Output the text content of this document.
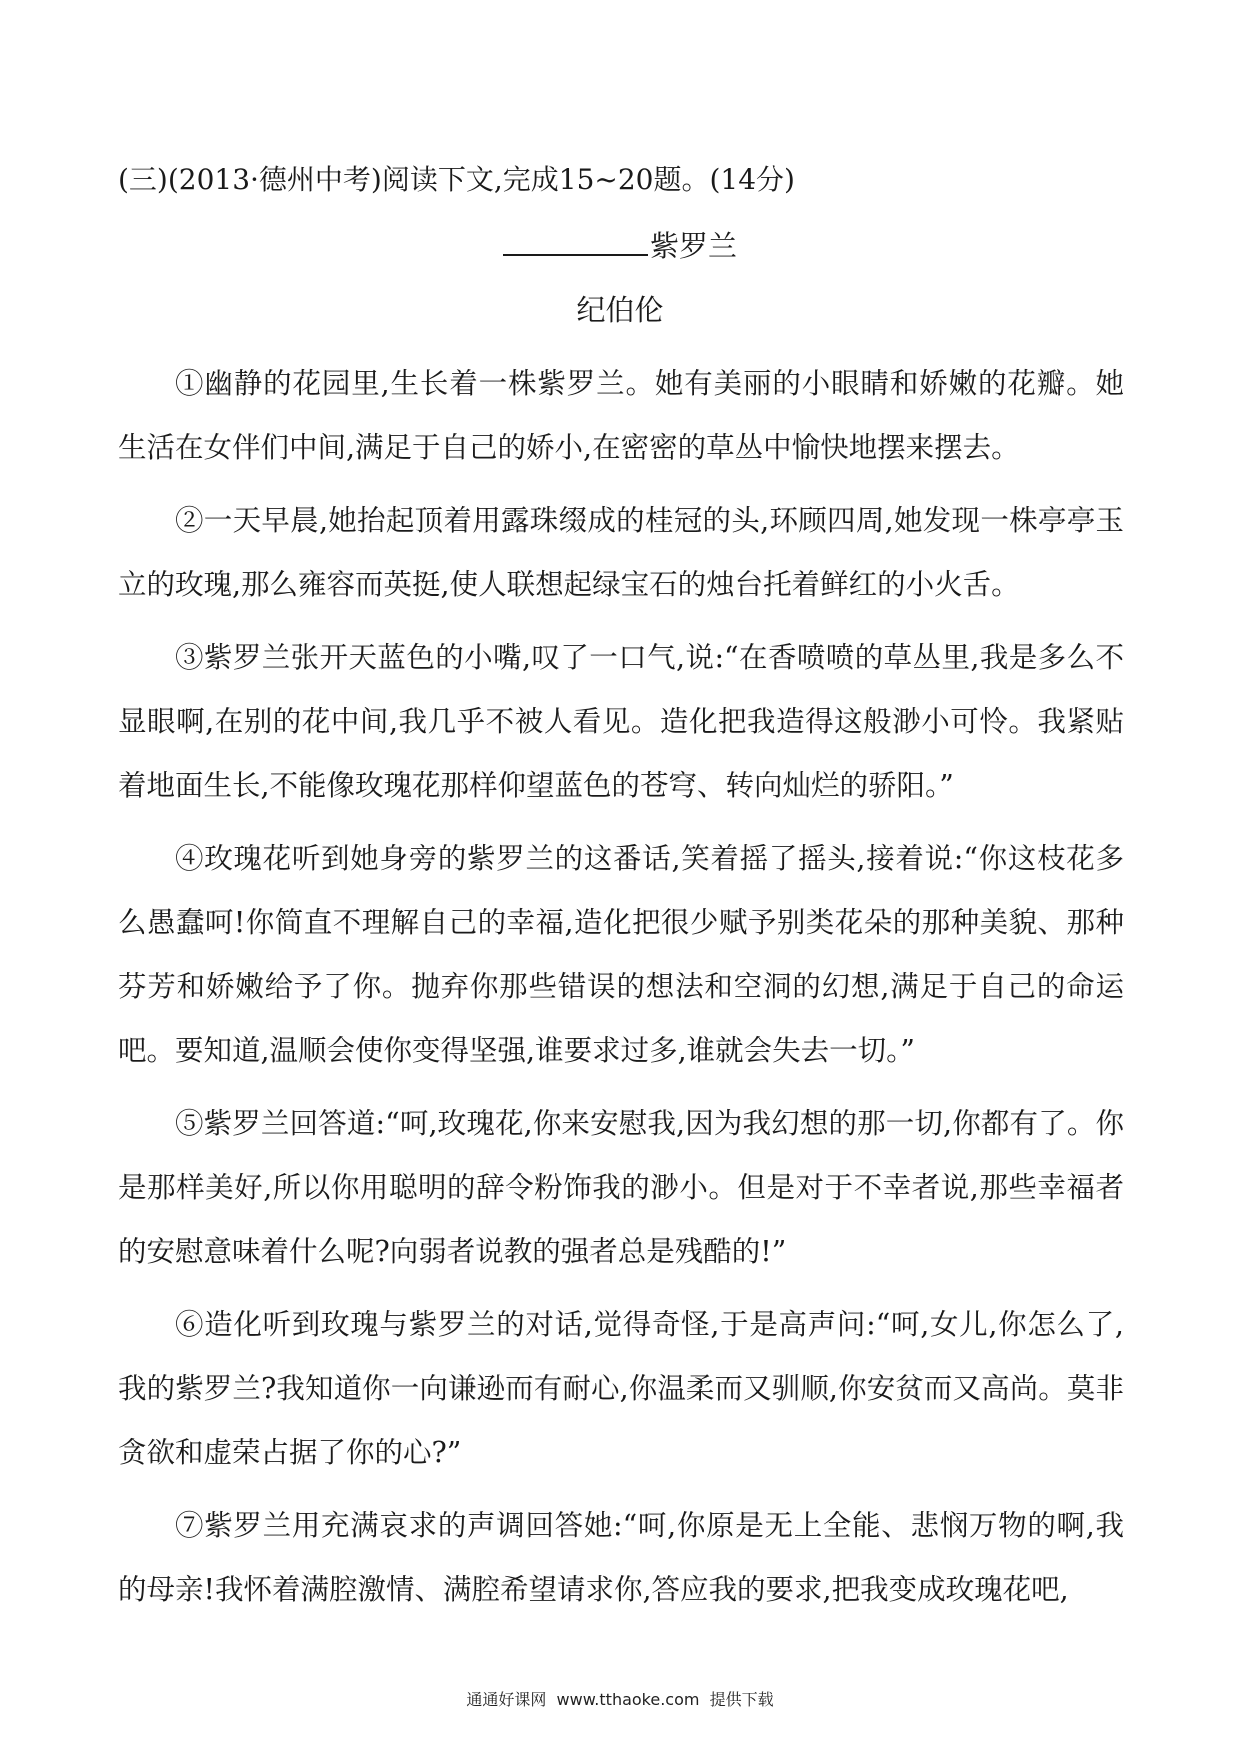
(三)(2013·德州中考)阅读下文,完成15~20题。(14分)
紫罗兰
纪伯伦

①幽静的花园里,生长着一株紫罗兰。她有美丽的小眼睛和娇嫩的花瓣。她生活在女伴们中间,满足于自己的娇小,在密密的草丛中愉快地摆来摆去。

②一天早晨,她抬起顶着用露珠缀成的桂冠的头,环顾四周,她发现一株亭亭玉立的玫瑰,那么雍容而英挺,使人联想起绿宝石的烛台托着鲜红的小火舌。

③紫罗兰张开天蓝色的小嘴,叹了一口气,说:“在香喷喷的草丛里,我是多么不显眼啊,在别的花中间,我几乎不被人看见。造化把我造得这般渺小可怜。我紧贴着地面生长,不能像玫瑰花那样仰望蓝色的苍穹、转向灿烂的骄阳。”

④玫瑰花听到她身旁的紫罗兰的这番话,笑着摇了摇头,接着说:“你这枝花多么愚蠢呵!你简直不理解自己的幸福,造化把很少赋予别类花朵的那种美貌、那种芬芳和娇嫩给予了你。抛弃你那些错误的想法和空洞的幻想,满足于自己的命运吧。要知道,温顺会使你变得坚强,谁要求过多,谁就会失去一切。”

⑤紫罗兰回答道:“呵,玫瑰花,你来安慰我,因为我幻想的那一切,你都有了。你是那样美好,所以你用聪明的辞令粉饰我的渺小。但是对于不幸者说,那些幸福者的安慰意味着什么呢?向弱者说教的强者总是残酷的!”

⑥造化听到玫瑰与紫罗兰的对话,觉得奇怪,于是高声问:“呵,女儿,你怎么了,我的紫罗兰?我知道你一向谦逊而有耐心,你温柔而又驯顺,你安贫而又高尚。莫非贪欲和虚荣占据了你的心?”

⑦紫罗兰用充满哀求的声调回答她:“呵,你原是无上全能、悲悯万物的啊,我的母亲!我怀着满腔激情、满腔希望请求你,答应我的要求,把我变成玫瑰花吧,

通通好课网  www.tthaoke.com  提供下载
